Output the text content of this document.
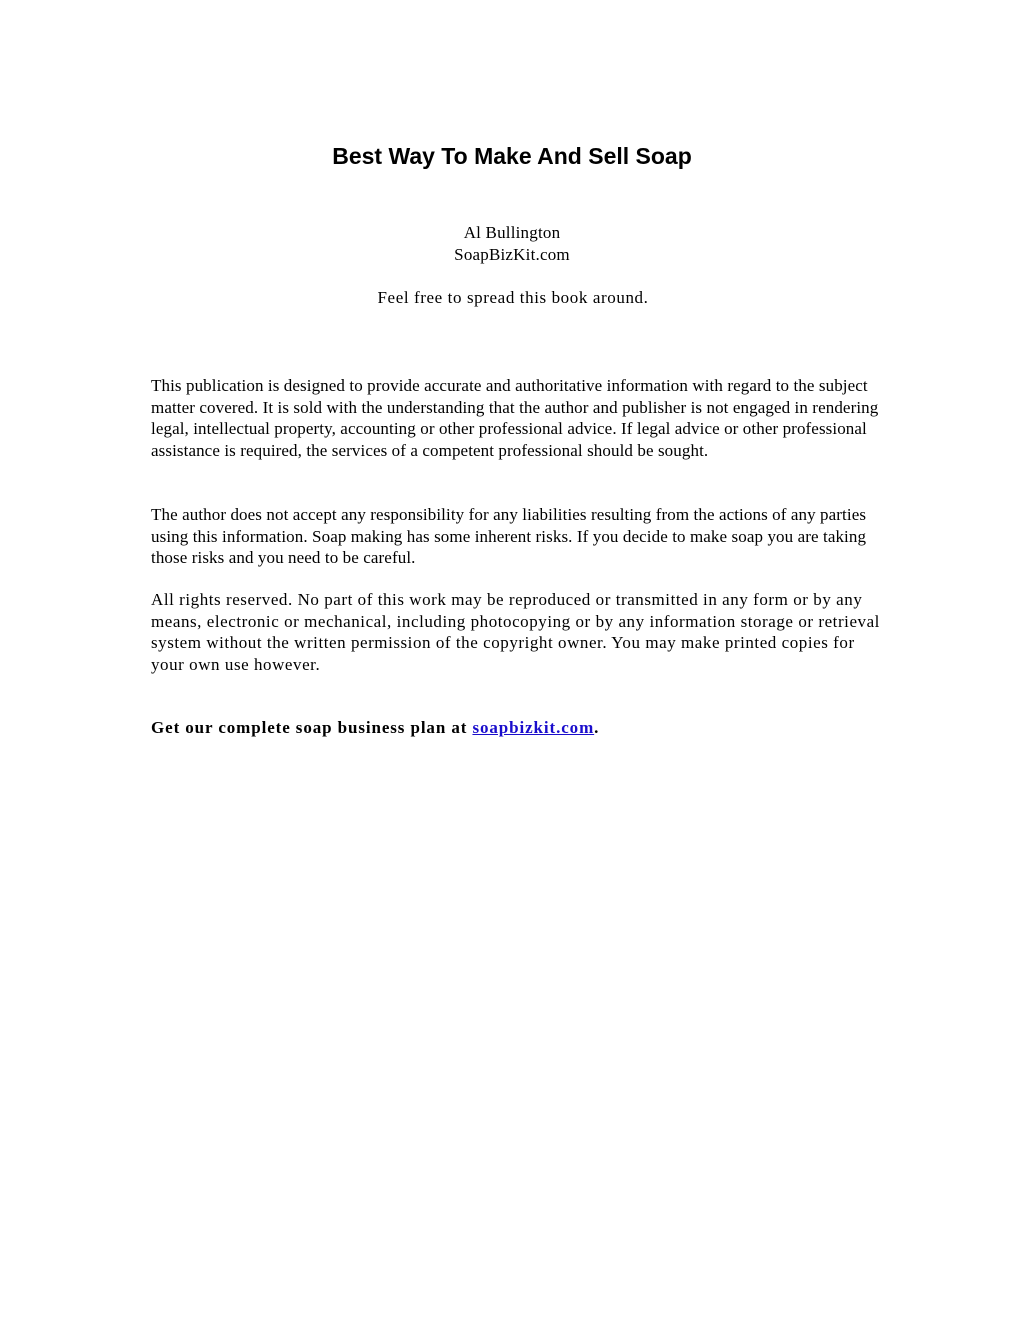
Best Way To Make And Sell Soap

Al Bullington

SoapBizKit.com

Feel free to spread this book around.

This publication is designed to provide accurate and authoritative information with regard to the subject matter covered. It is sold with the understanding that the author and publisher is not engaged in rendering legal, intellectual property, accounting or other professional advice. If legal advice or other professional assistance is required, the services of a competent professional should be sought.

The author does not accept any responsibility for any liabilities resulting from the actions of any parties using this information. Soap making has some inherent risks. If you decide to make soap you are taking those risks and you need to be careful.

All rights reserved. No part of this work may be reproduced or transmitted in any form or by any means, electronic or mechanical, including photocopying or by any information storage or retrieval system without the written permission of the copyright owner. You may make printed copies for your own use however.

Get our complete soap business plan at soapbizkit.com.
